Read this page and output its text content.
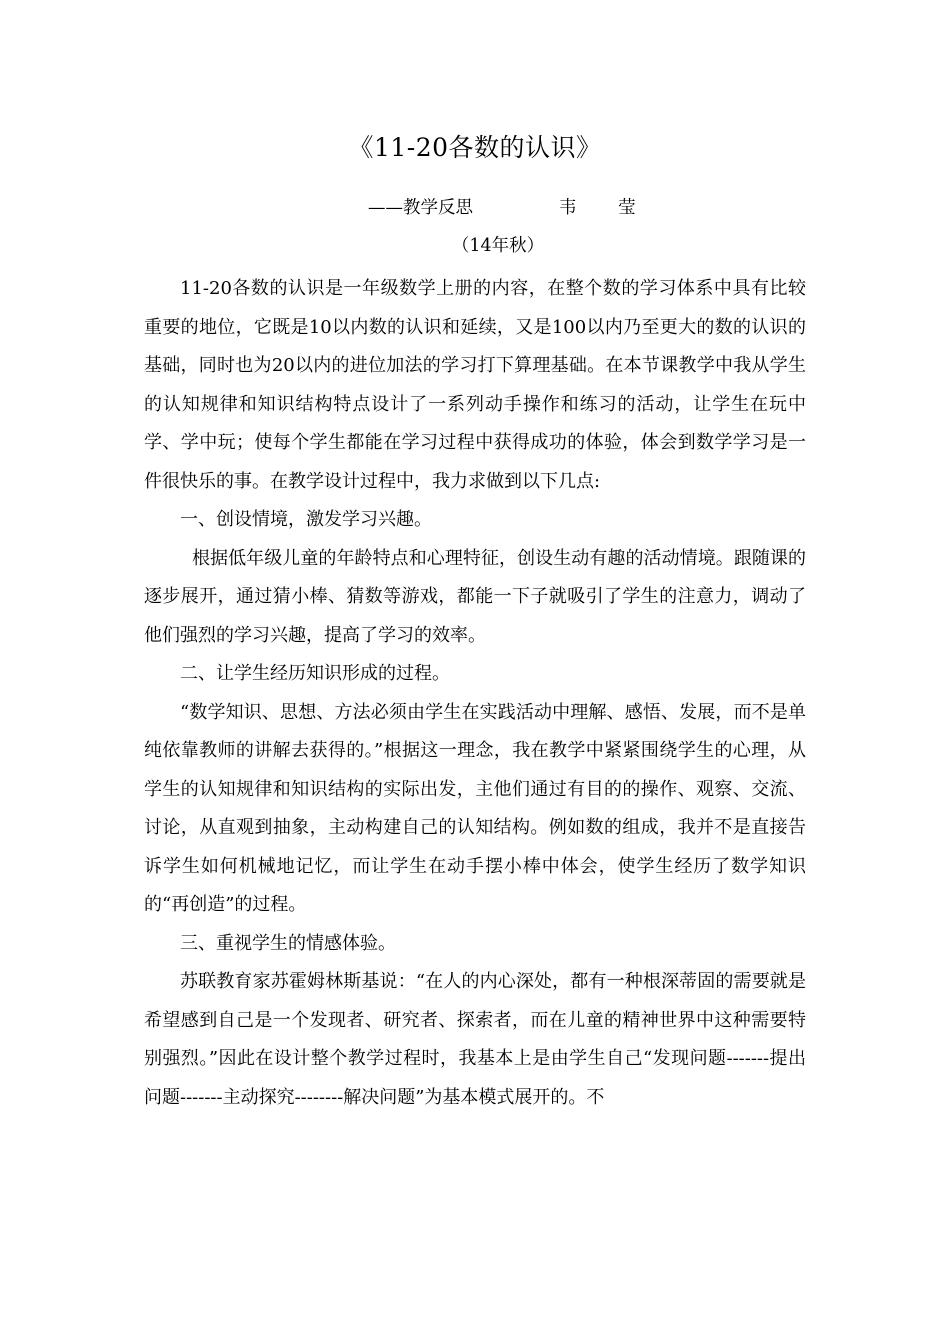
《11-20各数的认识》
——教学反思	韦 莹
（14年秋）

11-20各数的认识是一年级数学上册的内容，在整个数的学习体系中具有比较重要的地位，它既是10以内数的认识和延续，又是100以内乃至更大的数的认识的基础，同时也为20以内的进位加法的学习打下算理基础。在本节课教学中我从学生的认知规律和知识结构特点设计了一系列动手操作和练习的活动，让学生在玩中学、学中玩；使每个学生都能在学习过程中获得成功的体验，体会到数学学习是一件很快乐的事。在教学设计过程中，我力求做到以下几点:

一、创设情境，激发学习兴趣。

根据低年级儿童的年龄特点和心理特征，创设生动有趣的活动情境。跟随课的逐步展开，通过猜小棒、猜数等游戏，都能一下子就吸引了学生的注意力，调动了他们强烈的学习兴趣，提高了学习的效率。

二、让学生经历知识形成的过程。

“数学知识、思想、方法必须由学生在实践活动中理解、感悟、发展，而不是单纯依靠教师的讲解去获得的。”根据这一理念，我在教学中紧紧围绕学生的心理，从学生的认知规律和知识结构的实际出发，主他们通过有目的的操作、观察、交流、讨论，从直观到抽象，主动构建自己的认知结构。例如数的组成，我并不是直接告诉学生如何机械地记忆，而让学生在动手摆小棒中体会，使学生经历了数学知识的“再创造”的过程。

三、重视学生的情感体验。

苏联教育家苏霍姆林斯基说：“在人的内心深处，都有一种根深蒂固的需要就是希望感到自己是一个发现者、研究者、探索者，而在儿童的精神世界中这种需要特别强烈。”因此在设计整个教学过程时，我基本上是由学生自己“发现问题-------提出问题-------主动探究--------解决问题”为基本模式展开的。不
